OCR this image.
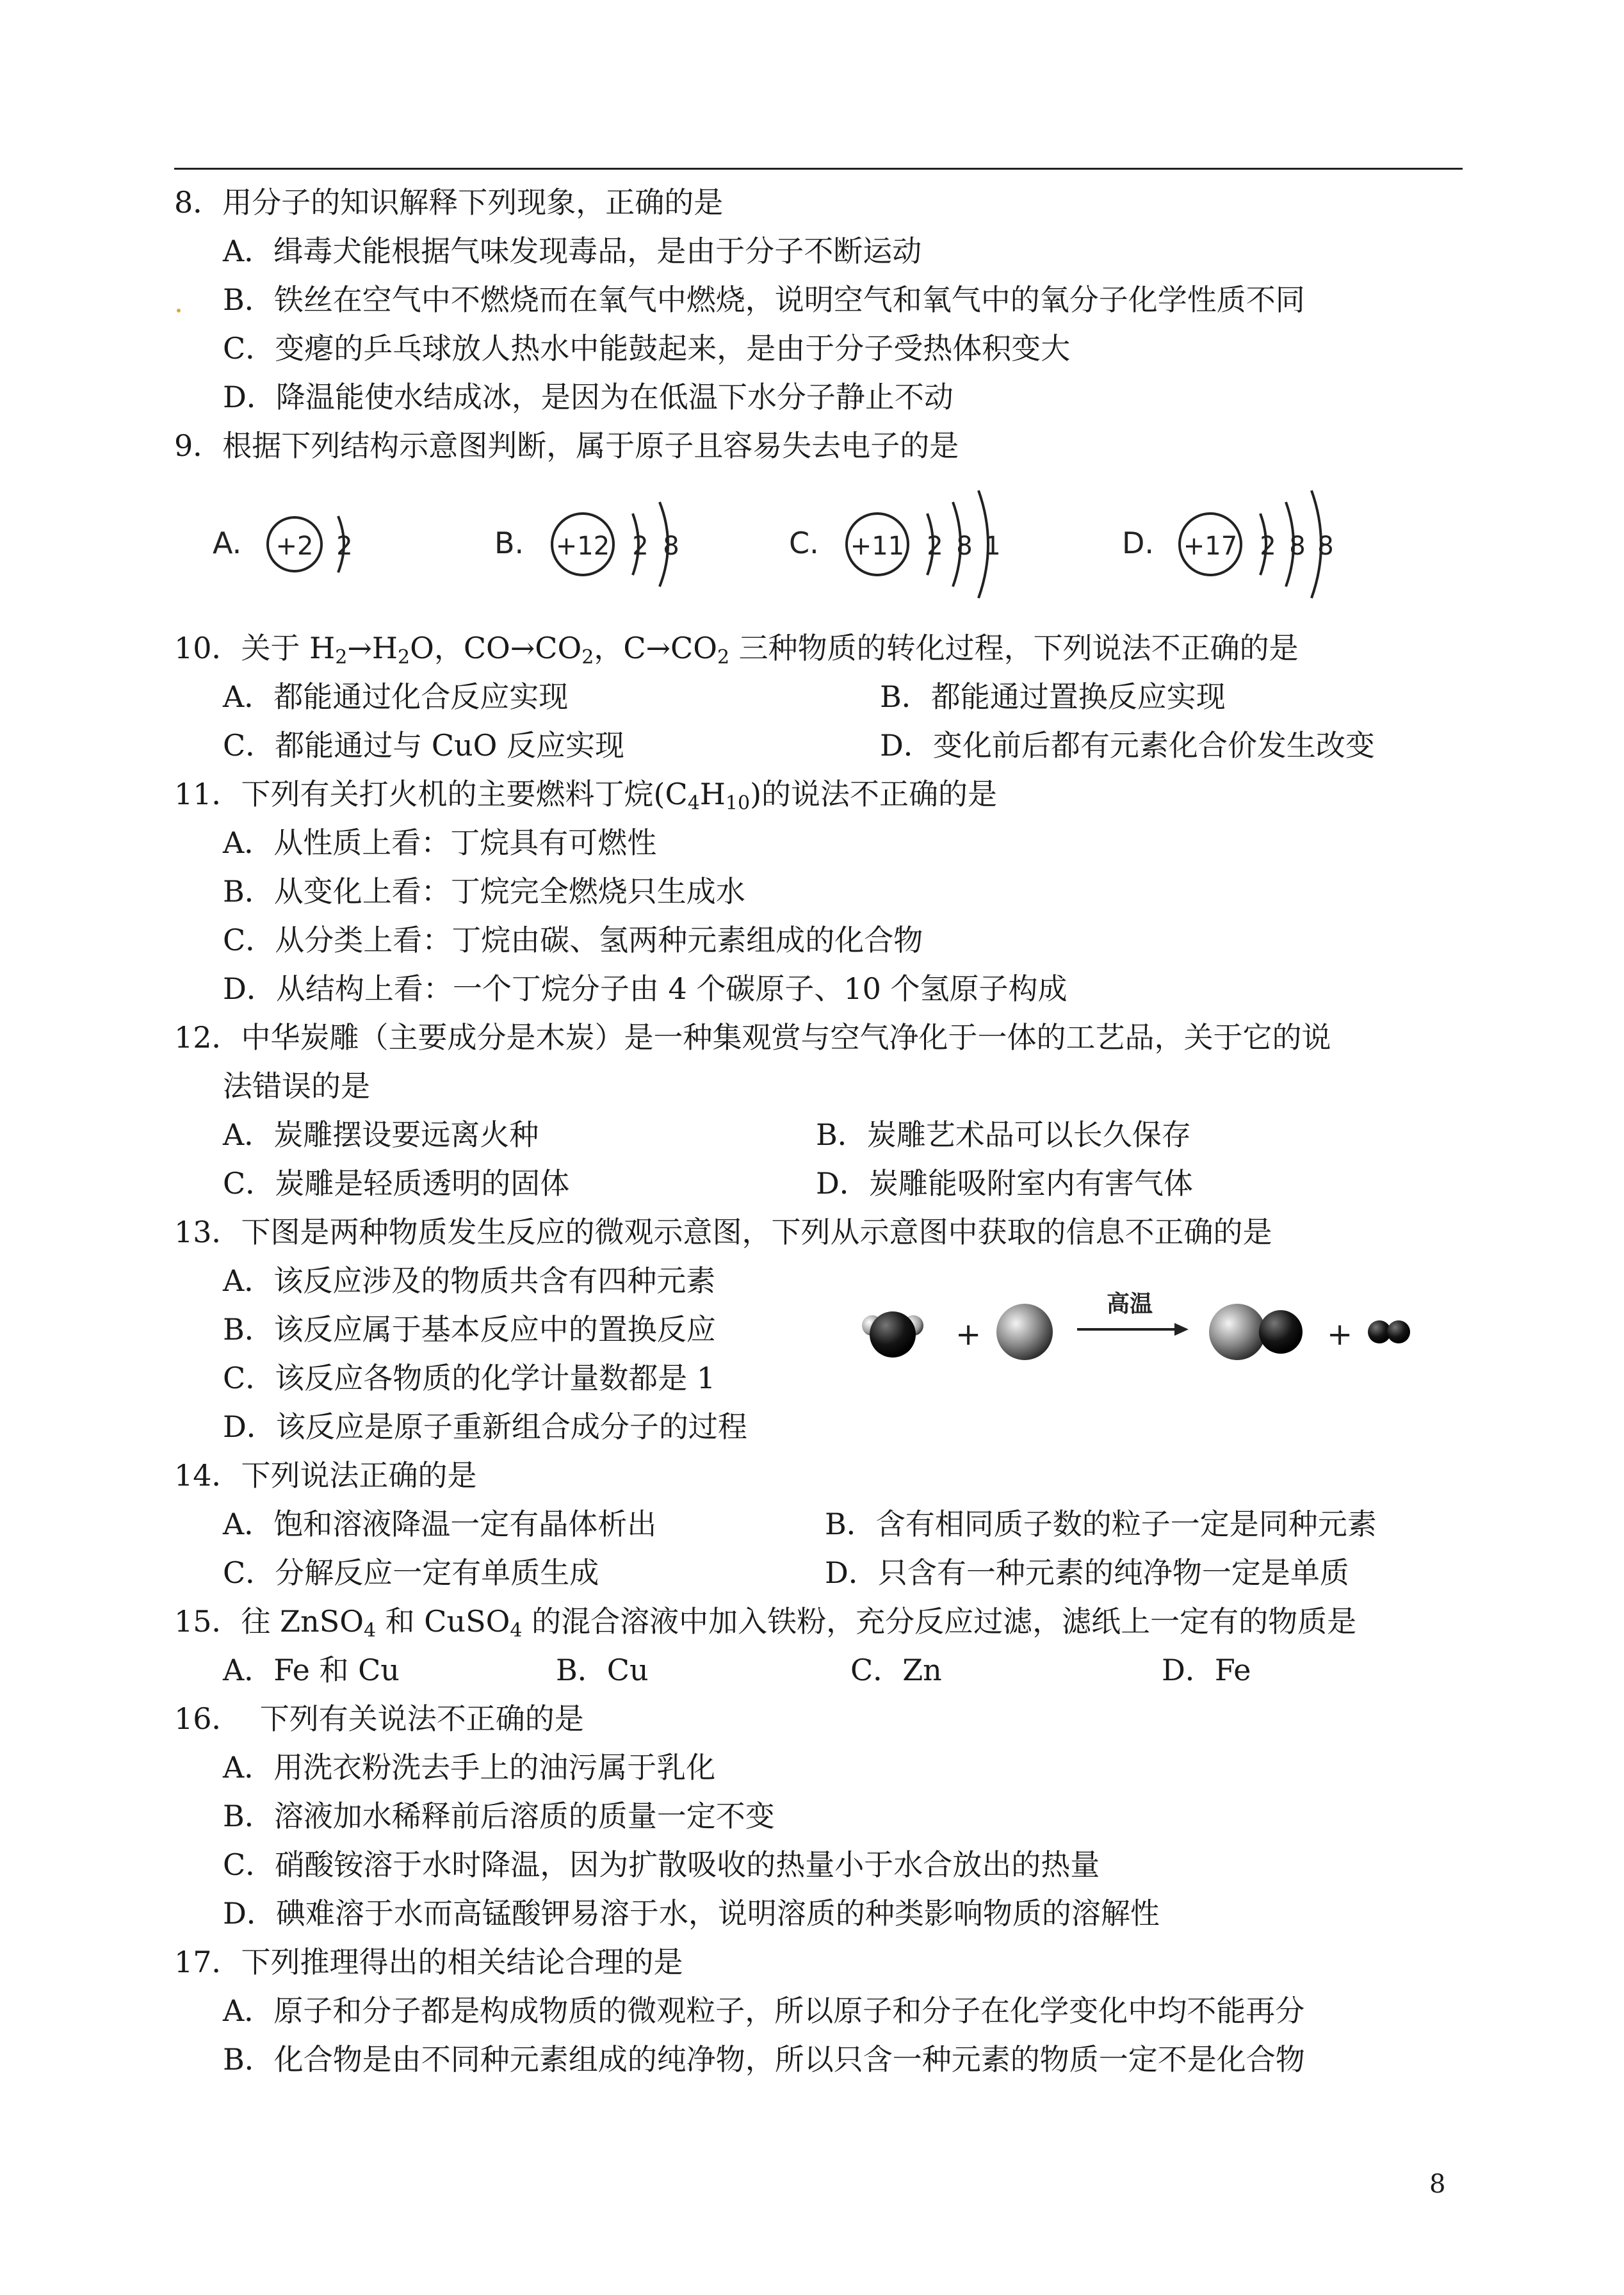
8．用分子的知识解释下列现象，正确的是

A．缉毒犬能根据气味发现毒品，是由于分子不断运动

B．铁丝在空气中不燃烧而在氧气中燃烧，说明空气和氧气中的氧分子化学性质不同

C．变瘪的乒乓球放人热水中能鼓起来，是由于分子受热体积变大

D．降温能使水结成冰，是因为在低温下水分子静止不动

9．根据下列结构示意图判断，属于原子且容易失去电子的是

A. +2 2	B. +12 2 8	C. +11 2 8 1	D. +17 2 8 8

10．关于 $H_2\to H_2O$，$CO\to CO_2$，$C\to CO_2$ 三种物质的转化过程，下列说法不正确的是

A．都能通过化合反应实现	B．都能通过置换反应实现
C．都能通过与 CuO 反应实现	D．变化前后都有元素化合价发生改变

11．下列有关打火机的主要燃料丁烷$(C_4H_{10})$的说法不正确的是

A．从性质上看：丁烷具有可燃性

B．从变化上看：丁烷完全燃烧只生成水

C．从分类上看：丁烷由碳、氢两种元素组成的化合物

D．从结构上看：一个丁烷分子由 4 个碳原子、10 个氢原子构成

12．中华炭雕（主要成分是木炭）是一种集观赏与空气净化于一体的工艺品，关于它的说

法错误的是

A．炭雕摆设要远离火种	B．炭雕艺术品可以长久保存
C．炭雕是轻质透明的固体	D．炭雕能吸附室内有害气体

13．下图是两种物质发生反应的微观示意图，下列从示意图中获取的信息不正确的是

A．该反应涉及的物质共含有四种元素

B．该反应属于基本反应中的置换反应

C．该反应各物质的化学计量数都是 1

D．该反应是原子重新组合成分子的过程

+
高温
+

14．下列说法正确的是

A．饱和溶液降温一定有晶体析出	B．含有相同质子数的粒子一定是同种元素
C．分解反应一定有单质生成	D．只含有一种元素的纯净物一定是单质

15．往 ZnSO$_4$ 和 CuSO$_4$ 的混合溶液中加入铁粉，充分反应过滤，滤纸上一定有的物质是

A．Fe 和 Cu	B．Cu	C．Zn	D．Fe

16．  下列有关说法不正确的是

A．用洗衣粉洗去手上的油污属于乳化

B．溶液加水稀释前后溶质的质量一定不变

C．硝酸铵溶于水时降温，因为扩散吸收的热量小于水合放出的热量

D．碘难溶于水而高锰酸钾易溶于水，说明溶质的种类影响物质的溶解性

17．下列推理得出的相关结论合理的是

A．原子和分子都是构成物质的微观粒子，所以原子和分子在化学变化中均不能再分

B．化合物是由不同种元素组成的纯净物，所以只含一种元素的物质一定不是化合物

8
